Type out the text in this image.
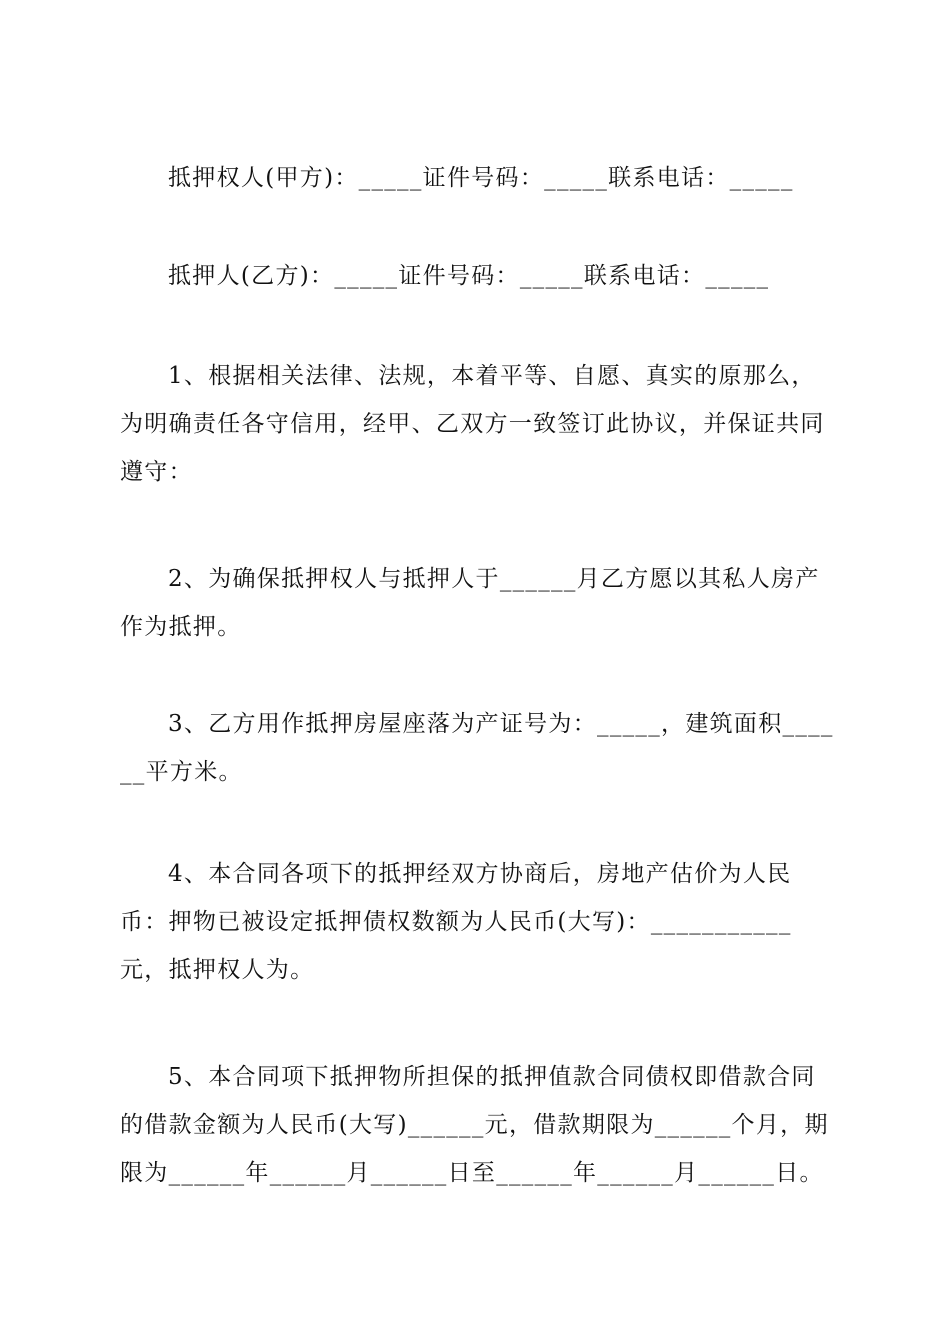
抵押权人(甲方)：_____证件号码：_____联系电话：_____

抵押人(乙方)：_____证件号码：_____联系电话：_____

1、根据相关法律、法规，本着平等、自愿、真实的原那么，为明确责任各守信用，经甲、乙双方一致签订此协议，并保证共同遵守：

2、为确保抵押权人与抵押人于______月乙方愿以其私人房产作为抵押。

3、乙方用作抵押房屋座落为产证号为：_____，建筑面积______平方米。

4、本合同各项下的抵押经双方协商后，房地产估价为人民币：押物已被设定抵押债权数额为人民币(大写)：___________元，抵押权人为。

5、本合同项下抵押物所担保的抵押值款合同债权即借款合同的借款金额为人民币(大写)______元，借款期限为______个月，期限为______年______月______日至______年______月______日。
